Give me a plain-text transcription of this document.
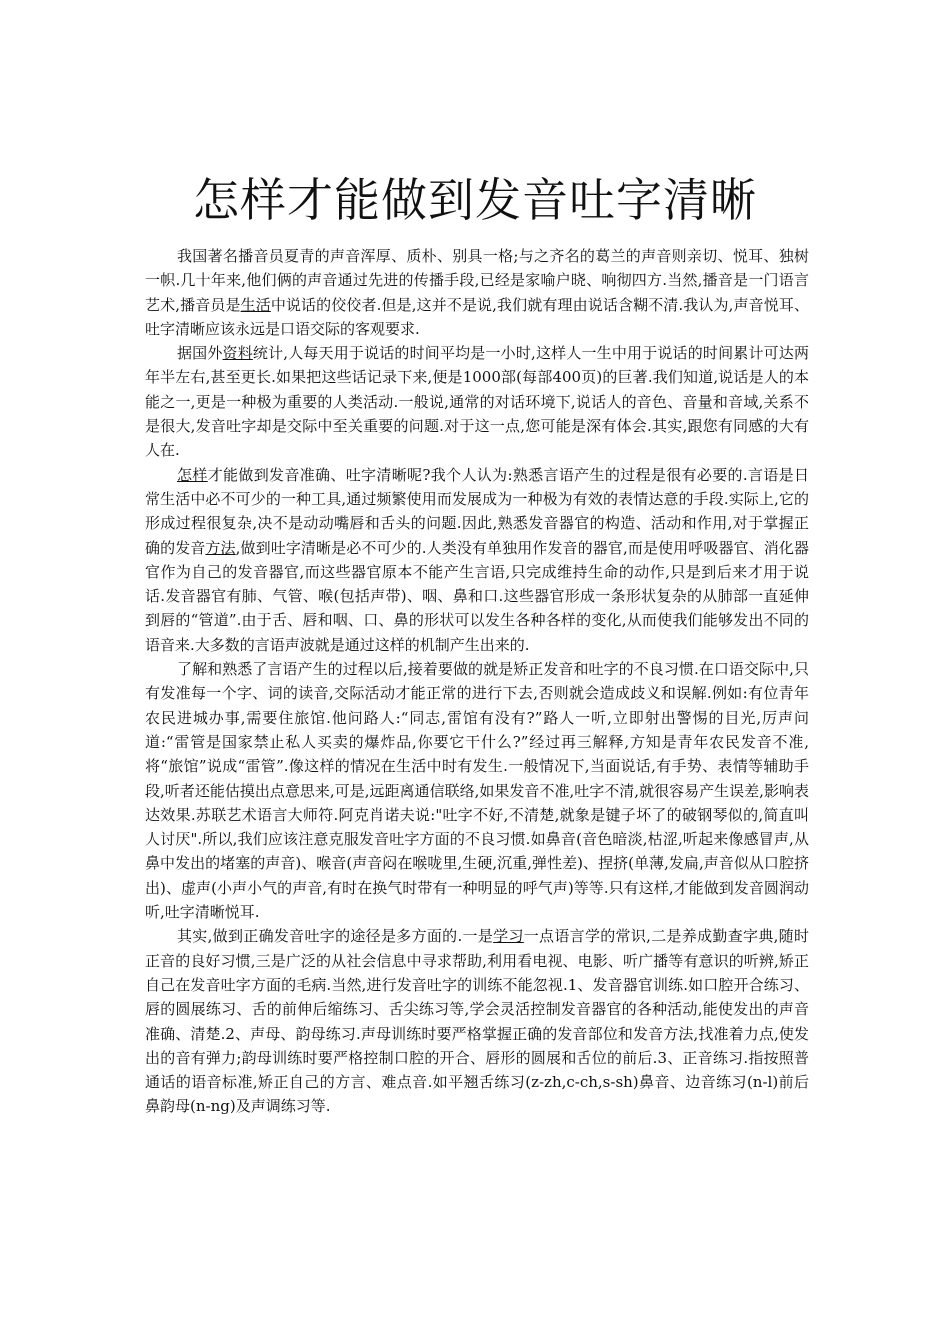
怎样才能做到发音吐字清晰

我国著名播音员夏青的声音浑厚、质朴、别具一格;与之齐名的葛兰的声音则亲切、悦耳、独树一帜.几十年来,他们俩的声音通过先进的传播手段,已经是家喻户晓、响彻四方.当然,播音是一门语言艺术,播音员是生活中说话的佼佼者.但是,这并不是说,我们就有理由说话含糊不清.我认为,声音悦耳、吐字清晰应该永远是口语交际的客观要求.

据国外资料统计,人每天用于说话的时间平均是一小时,这样人一生中用于说话的时间累计可达两年半左右,甚至更长.如果把这些话记录下来,便是1000部(每部400页)的巨著.我们知道,说话是人的本能之一,更是一种极为重要的人类活动.一般说,通常的对话环境下,说话人的音色、音量和音域,关系不是很大,发音吐字却是交际中至关重要的问题.对于这一点,您可能是深有体会.其实,跟您有同感的大有人在.

怎样才能做到发音准确、吐字清晰呢?我个人认为:熟悉言语产生的过程是很有必要的.言语是日常生活中必不可少的一种工具,通过频繁使用而发展成为一种极为有效的表情达意的手段.实际上,它的形成过程很复杂,决不是动动嘴唇和舌头的问题.因此,熟悉发音器官的构造、活动和作用,对于掌握正确的发音方法,做到吐字清晰是必不可少的.人类没有单独用作发音的器官,而是使用呼吸器官、消化器官作为自己的发音器官,而这些器官原本不能产生言语,只完成维持生命的动作,只是到后来才用于说话.发音器官有肺、气管、喉(包括声带)、咽、鼻和口.这些器官形成一条形状复杂的从肺部一直延伸到唇的“管道”.由于舌、唇和咽、口、鼻的形状可以发生各种各样的变化,从而使我们能够发出不同的语音来.大多数的言语声波就是通过这样的机制产生出来的.

了解和熟悉了言语产生的过程以后,接着要做的就是矫正发音和吐字的不良习惯.在口语交际中,只有发准每一个字、词的读音,交际活动才能正常的进行下去,否则就会造成歧义和误解.例如:有位青年农民进城办事,需要住旅馆.他问路人:“同志,雷馆有没有?”路人一听,立即射出警惕的目光,厉声问道:“雷管是国家禁止私人买卖的爆炸品,你要它干什么?”经过再三解释,方知是青年农民发音不准,将“旅馆”说成“雷管”.像这样的情况在生活中时有发生.一般情况下,当面说话,有手势、表情等辅助手段,听者还能估摸出点意思来,可是,远距离通信联络,如果发音不准,吐字不清,就很容易产生误差,影响表达效果.苏联艺术语言大师符.阿克肖诺夫说:"吐字不好,不清楚,就象是键子坏了的破钢琴似的,简直叫人讨厌".所以,我们应该注意克服发音吐字方面的不良习惯.如鼻音(音色暗淡,枯涩,听起来像感冒声,从鼻中发出的堵塞的声音)、喉音(声音闷在喉咙里,生硬,沉重,弹性差)、捏挤(单薄,发扁,声音似从口腔挤出)、虚声(小声小气的声音,有时在换气时带有一种明显的呼气声)等等.只有这样,才能做到发音圆润动听,吐字清晰悦耳.

其实,做到正确发音吐字的途径是多方面的.一是学习一点语言学的常识,二是养成勤查字典,随时正音的良好习惯,三是广泛的从社会信息中寻求帮助,利用看电视、电影、听广播等有意识的听辨,矫正自己在发音吐字方面的毛病.当然,进行发音吐字的训练不能忽视.1、发音器官训练.如口腔开合练习、唇的圆展练习、舌的前伸后缩练习、舌尖练习等,学会灵活控制发音器官的各种活动,能使发出的声音准确、清楚.2、声母、韵母练习.声母训练时要严格掌握正确的发音部位和发音方法,找准着力点,使发出的音有弹力;韵母训练时要严格控制口腔的开合、唇形的圆展和舌位的前后.3、正音练习.指按照普通话的语音标准,矫正自己的方言、难点音.如平翘舌练习(z-zh,c-ch,s-sh)鼻音、边音练习(n-l)前后鼻韵母(n-ng)及声调练习等.
